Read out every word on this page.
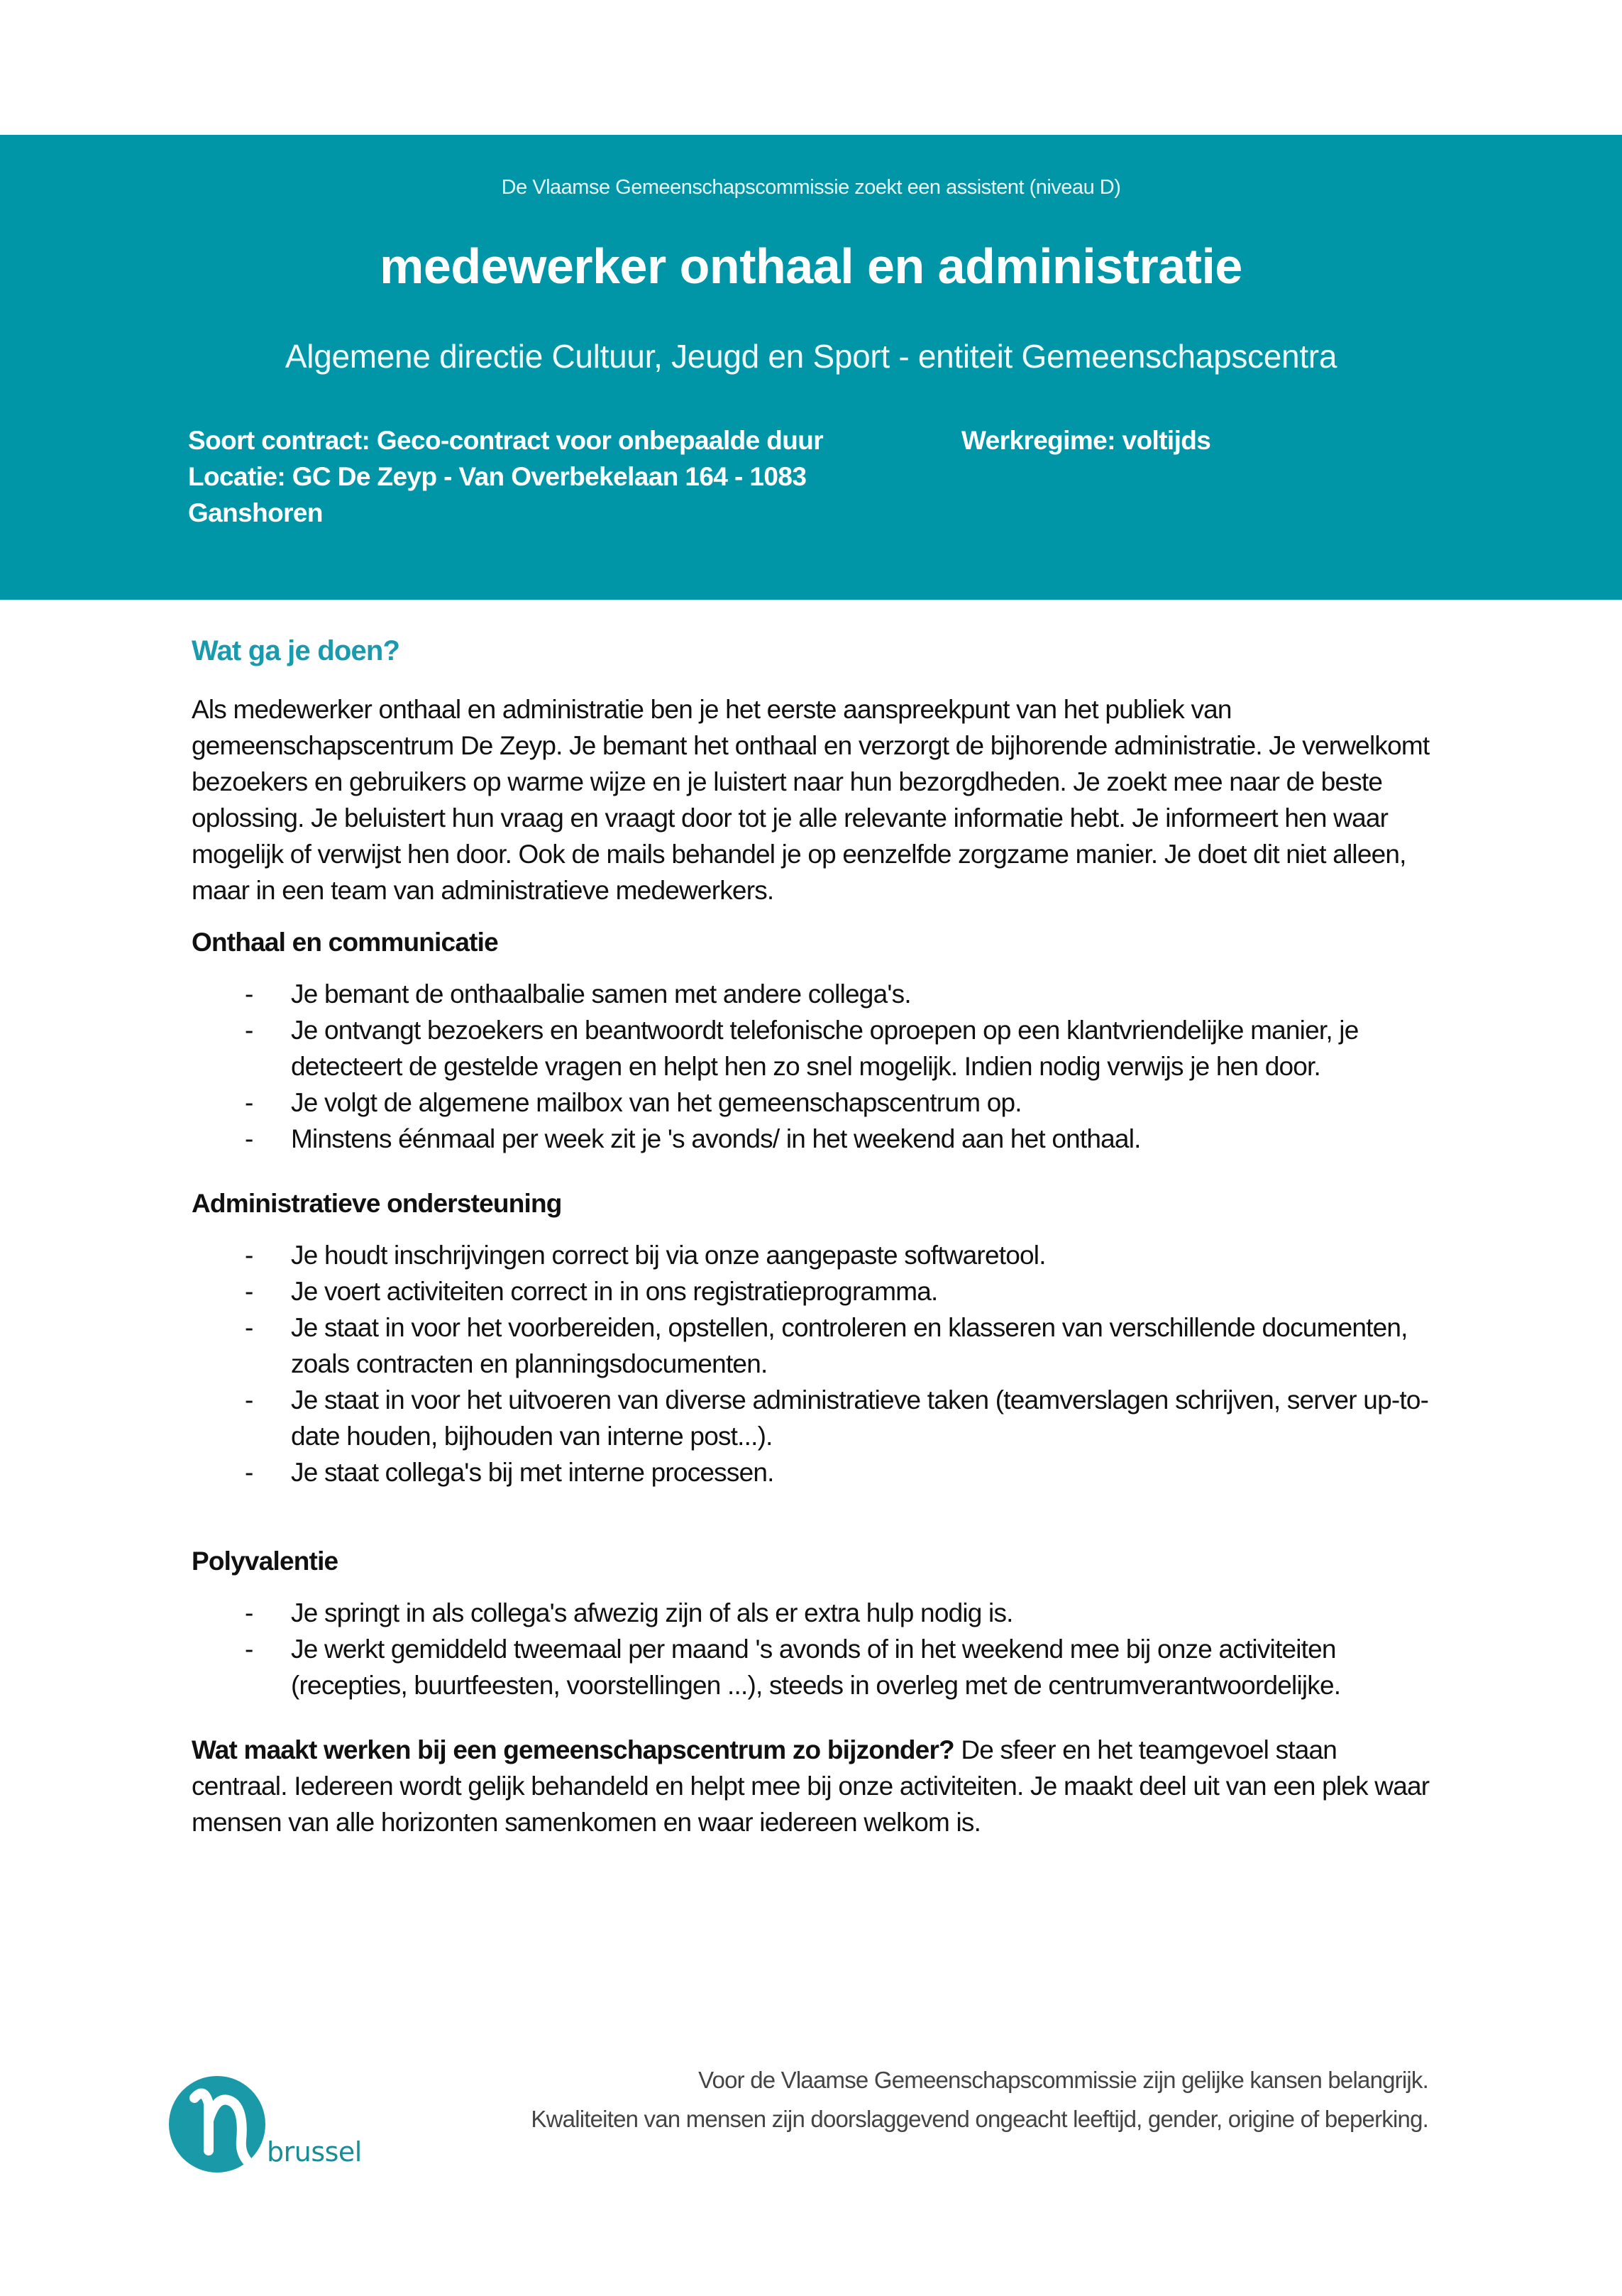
De Vlaamse Gemeenschapscommissie zoekt een assistent (niveau D)
medewerker onthaal en administratie
Algemene directie Cultuur, Jeugd en Sport - entiteit Gemeenschapscentra
Soort contract: Geco-contract voor onbepaalde duur
Locatie: GC De Zeyp - Van Overbekelaan 164 - 1083 Ganshoren
Werkregime: voltijds
Wat ga je doen?

Als medewerker onthaal en administratie ben je het eerste aanspreekpunt van het publiek van gemeenschapscentrum De Zeyp. Je bemant het onthaal en verzorgt de bijhorende administratie. Je verwelkomt bezoekers en gebruikers op warme wijze en je luistert naar hun bezorgdheden. Je zoekt mee naar de beste oplossing. Je beluistert hun vraag en vraagt door tot je alle relevante informatie hebt. Je informeert hen waar mogelijk of verwijst hen door. Ook de mails behandel je op eenzelfde zorgzame manier. Je doet dit niet alleen, maar in een team van administratieve medewerkers.

Onthaal en communicatie
- Je bemant de onthaalbalie samen met andere collega's.
- Je ontvangt bezoekers en beantwoordt telefonische oproepen op een klantvriendelijke manier, je detecteert de gestelde vragen en helpt hen zo snel mogelijk. Indien nodig verwijs je hen door.
- Je volgt de algemene mailbox van het gemeenschapscentrum op.
- Minstens éénmaal per week zit je 's avonds/ in het weekend aan het onthaal.
Administratieve ondersteuning
- Je houdt inschrijvingen correct bij via onze aangepaste softwaretool.
- Je voert activiteiten correct in in ons registratieprogramma.
- Je staat in voor het voorbereiden, opstellen, controleren en klasseren van verschillende documenten, zoals contracten en planningsdocumenten.
- Je staat in voor het uitvoeren van diverse administratieve taken (teamverslagen schrijven, server up-to-date houden, bijhouden van interne post...).
- Je staat collega's bij met interne processen.
Polyvalentie
- Je springt in als collega's afwezig zijn of als er extra hulp nodig is.
- Je werkt gemiddeld tweemaal per maand 's avonds of in het weekend mee bij onze activiteiten (recepties, buurtfeesten, voorstellingen ...), steeds in overleg met de centrumverantwoordelijke.

Wat maakt werken bij een gemeenschapscentrum zo bijzonder? De sfeer en het teamgevoel staan centraal. Iedereen wordt gelijk behandeld en helpt mee bij onze activiteiten. Je maakt deel uit van een plek waar mensen van alle horizonten samenkomen en waar iedereen welkom is.

brussel
Voor de Vlaamse Gemeenschapscommissie zijn gelijke kansen belangrijk.
Kwaliteiten van mensen zijn doorslaggevend ongeacht leeftijd, gender, origine of beperking.
